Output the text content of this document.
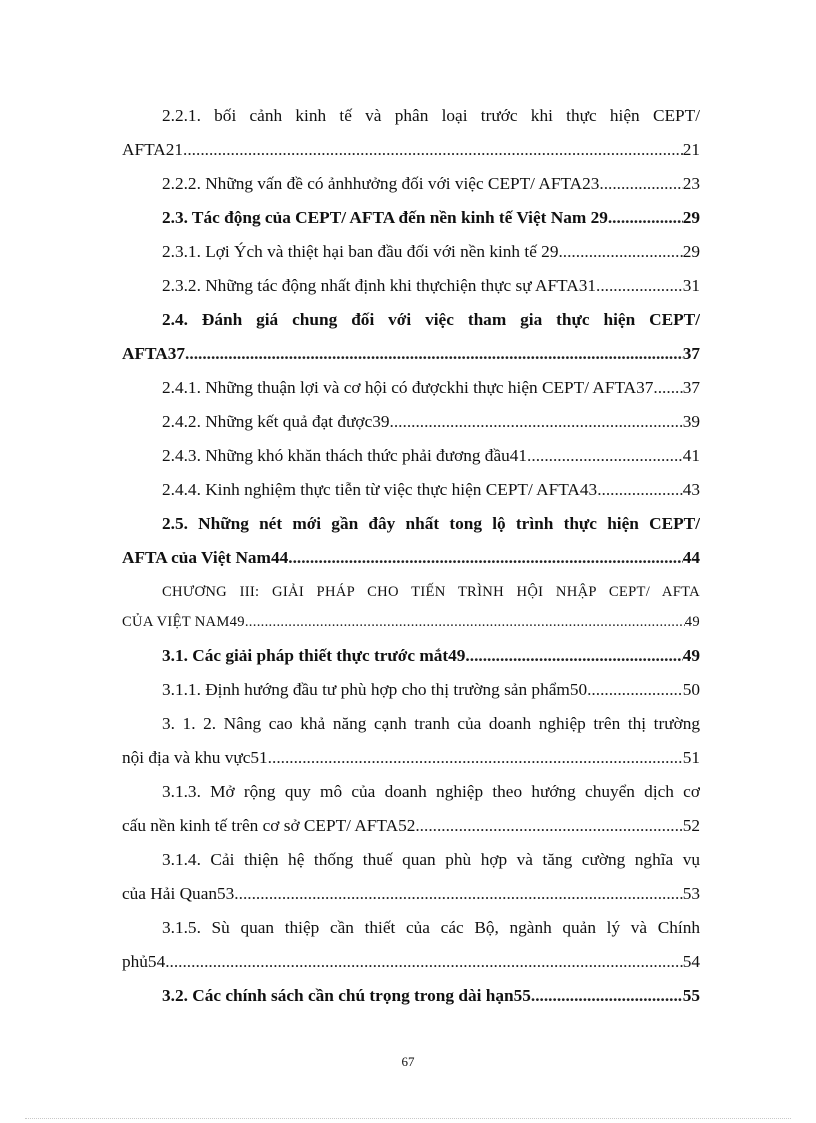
2.2.1. bối cảnh kinh tế và phân loại trước khi thực hiện CEPT/
AFTA21 .....	21
2.2.2. Những vấn đề có ảnhhưởng đối với việc CEPT/ AFTA23 .....	23
2.3. Tác động của CEPT/ AFTA đến nền kinh tế Việt Nam 29 .....	29
2.3.1. Lợi Ých và thiệt hại ban đầu đối với nền kinh tế 29 .....	29
2.3.2. Những tác động nhất định khi thựchiện thực sự AFTA31 .....	31
2.4. Đánh giá chung đối với việc tham gia thực hiện CEPT/
AFTA37 .....	37
2.4.1. Những thuận lợi và cơ hội có đượckhi thực hiện CEPT/ AFTA37 ..... 37
2.4.2. Những kết quả đạt được39 .....	39
2.4.3. Những khó khăn thách thức phải đương đầu41 .....	41
2.4.4. Kinh nghiệm thực tiễn từ việc thực hiện CEPT/ AFTA43 .....	43
2.5. Những nét mới gần đây nhất tong lộ trình thực hiện CEPT/
AFTA của Việt Nam44 .....	44
CHƯƠNG III: GIẢI PHÁP CHO TIẾN TRÌNH HỘI NHẬP CEPT/ AFTA
CỦA VIỆT NAM49 .....	49
3.1. Các giải pháp thiết thực trước mắt49 .....	49
3.1.1. Định hướng đầu tư phù hợp cho thị trường sản phẩm50 .....	50
3. 1. 2. Nâng cao khả năng cạnh tranh của doanh nghiệp trên thị trường
nội địa và khu vực51 .....	51
3.1.3. Mở rộng quy mô của doanh nghiệp theo hướng chuyển dịch cơ
cấu nền kinh tế trên cơ sở CEPT/ AFTA52 .....	52
3.1.4. Cải thiện hệ thống thuế quan phù hợp và tăng cường nghĩa vụ
của Hải Quan53 .....	53
3.1.5. Sù quan thiệp cần thiết của các Bộ, ngành quản lý và Chính
phủ54 .....	54
3.2. Các chính sách cần chú trọng trong dài hạn55 .....	55
67
